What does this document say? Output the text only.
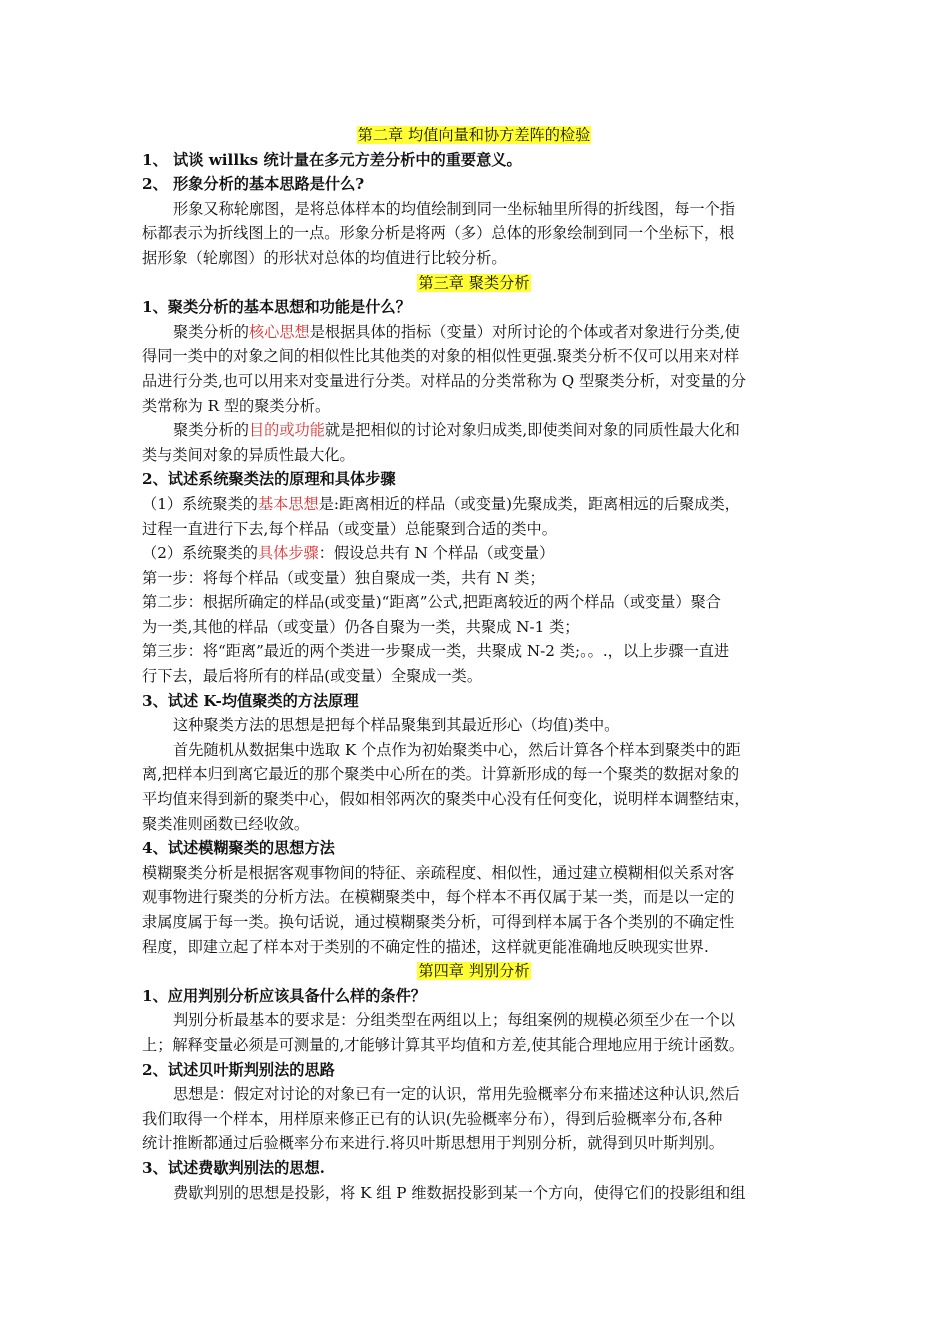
第二章 均值向量和协方差阵的检验

1、 试谈 willks 统计量在多元方差分析中的重要意义。

2、 形象分析的基本思路是什么?

形象又称轮廓图，是将总体样本的均值绘制到同一坐标轴里所得的折线图，每一个指

标都表示为折线图上的一点。形象分析是将两（多）总体的形象绘制到同一个坐标下，根

据形象（轮廓图）的形状对总体的均值进行比较分析。

第三章 聚类分析

1、聚类分析的基本思想和功能是什么？

聚类分析的核心思想是根据具体的指标（变量）对所讨论的个体或者对象进行分类,使

得同一类中的对象之间的相似性比其他类的对象的相似性更强.聚类分析不仅可以用来对样

品进行分类,也可以用来对变量进行分类。对样品的分类常称为 Q 型聚类分析，对变量的分

类常称为 R 型的聚类分析。

聚类分析的目的或功能就是把相似的讨论对象归成类,即使类间对象的同质性最大化和

类与类间对象的异质性最大化。

2、试述系统聚类法的原理和具体步骤

（1）系统聚类的基本思想是:距离相近的样品（或变量)先聚成类，距离相远的后聚成类，

过程一直进行下去,每个样品（或变量）总能聚到合适的类中。

（2）系统聚类的具体步骤：假设总共有 N 个样品（或变量）

第一步：将每个样品（或变量）独自聚成一类，共有 N 类；

第二步：根据所确定的样品(或变量)“距离”公式,把距离较近的两个样品（或变量）聚合

为一类,其他的样品（或变量）仍各自聚为一类，共聚成 N-1 类；

第三步：将“距离”最近的两个类进一步聚成一类，共聚成 N-2 类;。。.，以上步骤一直进

行下去，最后将所有的样品(或变量）全聚成一类。

3、试述 K-均值聚类的方法原理

这种聚类方法的思想是把每个样品聚集到其最近形心（均值)类中。

首先随机从数据集中选取 K 个点作为初始聚类中心，然后计算各个样本到聚类中的距

离,把样本归到离它最近的那个聚类中心所在的类。计算新形成的每一个聚类的数据对象的

平均值来得到新的聚类中心，假如相邻两次的聚类中心没有任何变化，说明样本调整结束，

聚类准则函数已经收敛。

4、试述模糊聚类的思想方法

模糊聚类分析是根据客观事物间的特征、亲疏程度、相似性，通过建立模糊相似关系对客

观事物进行聚类的分析方法。在模糊聚类中，每个样本不再仅属于某一类，而是以一定的

隶属度属于每一类。换句话说，通过模糊聚类分析，可得到样本属于各个类别的不确定性

程度，即建立起了样本对于类别的不确定性的描述，这样就更能准确地反映现实世界.

第四章 判别分析

1、应用判别分析应该具备什么样的条件？

判别分析最基本的要求是：分组类型在两组以上；每组案例的规模必须至少在一个以

上；解释变量必须是可测量的,才能够计算其平均值和方差,使其能合理地应用于统计函数。

2、试述贝叶斯判别法的思路

思想是：假定对讨论的对象已有一定的认识，常用先验概率分布来描述这种认识,然后

我们取得一个样本，用样原来修正已有的认识(先验概率分布），得到后验概率分布,各种

统计推断都通过后验概率分布来进行.将贝叶斯思想用于判别分析，就得到贝叶斯判别。

3、试述费歇判别法的思想.

费歇判别的思想是投影，将 K 组 P 维数据投影到某一个方向，使得它们的投影组和组
